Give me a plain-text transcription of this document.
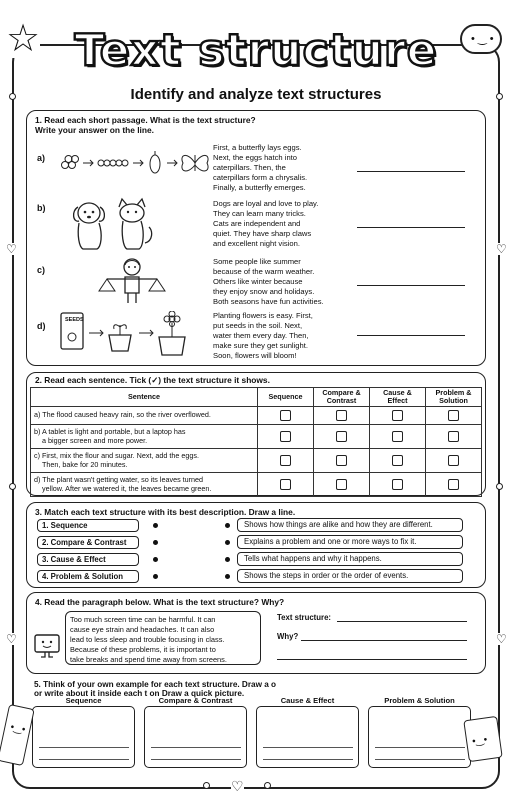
♡	♡
♡	♡
♡
☆	• ‿ •
Text structure
Identify and analyze text structures
1. Read each short passage. What is the text structure?
Write your answer on the line.
a)
First, a butterfly lays eggs.
Next, the eggs hatch into
caterpillars. Then, the
caterpillars form a chrysalis.
Finally, a butterfly emerges.
b)	Dogs are loyal and love to play.
They can learn many tricks.
Cats are independent and
quiet. They have sharp claws
and excellent night vision.
c)
Some people like summer
because of the warm weather.
Others like winter because
they enjoy snow and holidays.
Both seasons have fun activities.
d)
SEEDS	Planting flowers is easy. First,
put seeds in the soil. Next,
water them every day. Then,
make sure they get sunlight.
Soon, flowers will bloom!
2. Read each sentence. Tick (✓) the text structure it shows.
Sentence	Sequence	Compare & Contrast	Cause & Effect	Problem & Solution

a) The flood caused heavy rain, so the river overflowed.				

b) A tablet is light and portable, but a laptop has
a bigger screen and more power.				

c) First, mix the flour and sugar. Next, add the eggs.
Then, bake for 20 minutes.				

d) The plant wasn't getting water, so its leaves turned
yellow. After we watered it, the leaves became green.				

3. Match each text structure with its best description. Draw a line.
1. Sequence
2. Compare & Contrast
3. Cause & Effect
4. Problem & Solution
Shows how things are alike and how they are different.
Explains a problem and one or more ways to fix it.
Tells what happens and why it happens.
Shows the steps in order or the order of events.
4. Read the paragraph below. What is the text structure? Why?
Too much screen time can be harmful. It can
cause eye strain and headaches. It can also
lead to less sleep and trouble focusing in class.
Because of these problems, it is important to
take breaks and spend time away from screens.
Text structure:
Why?
5. Think of your own example for each text structure. Draw a o
or write about it inside each t on Draw a quick picture.
Sequence	Compare & Contrast	Cause & Effect	Problem & Solution
•‿•
•‿•
